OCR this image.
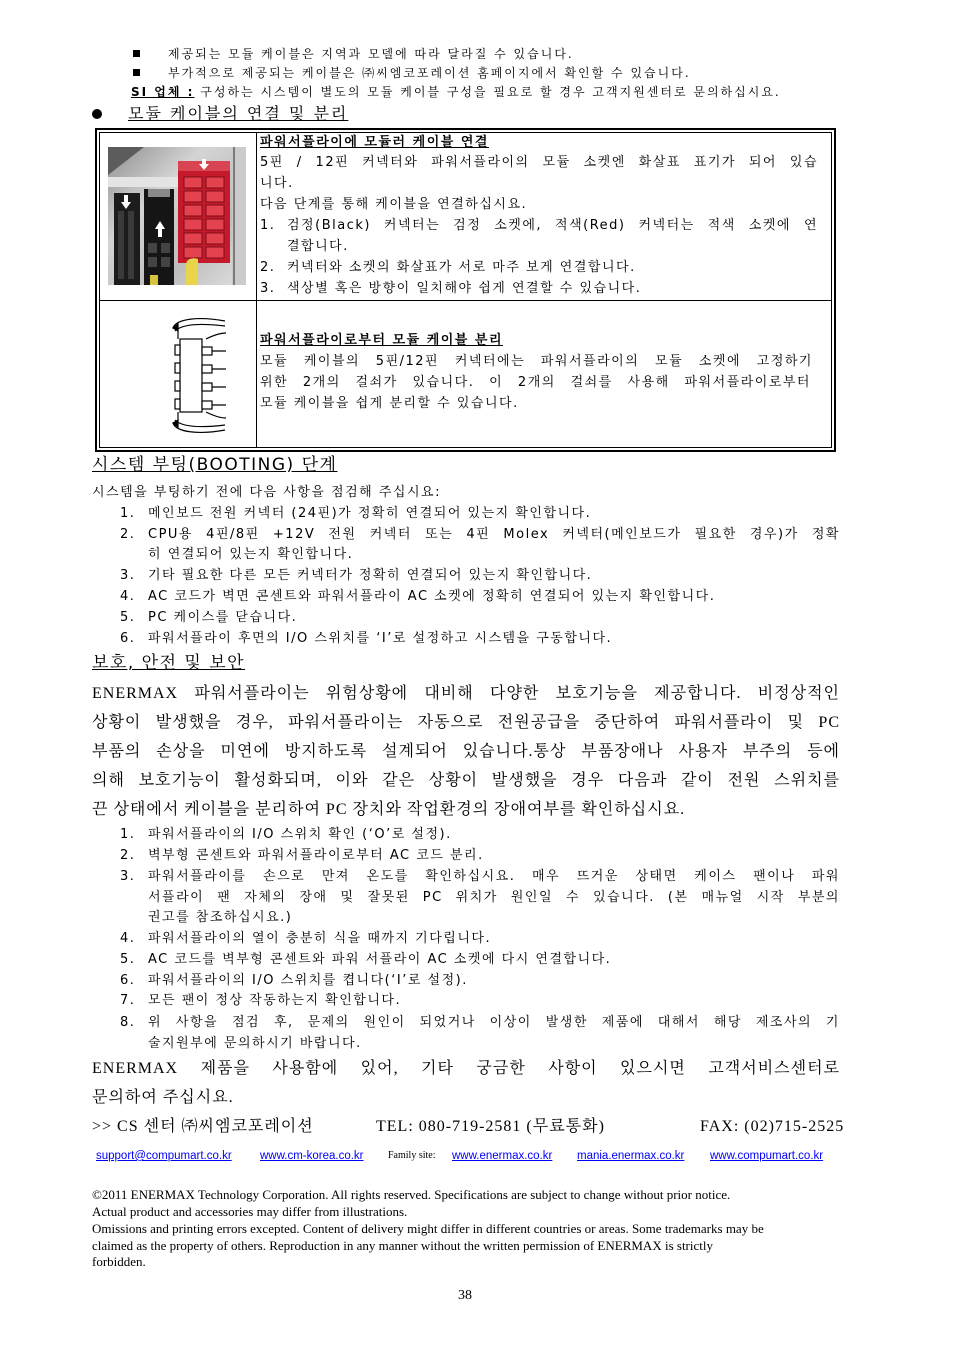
제공되는 모듈 케이블은 지역과 모델에 따라 달라질 수 있습니다.
부가적으로 제공되는 케이블은 ㈜씨엠코포레이션 홈페이지에서 확인할 수 있습니다.
SI 업체 : 구성하는 시스템이 별도의 모듈 케이블 구성을 필요로 할 경우 고객지원센터로 문의하십시요.
모듈 케이블의 연결 및 분리
파워서플라이에 모듈러 케이블 연결
5핀 / 12핀 커넥터와 파워서플라이의 모듈 소켓엔 화살표 표기가 되어 있습
니다.
다음 단계를 통해 케이블을 연결하십시요.
1. 검정(Black) 커넥터는 검정 소켓에, 적색(Red) 커넥터는 적색 소켓에 연
결합니다.
2. 커넥터와 소켓의 화살표가 서로 마주 보게 연결합니다.
3. 색상별 혹은 방향이 일치해야 쉽게 연결할 수 있습니다.
파워서플라이로부터 모듈 케이블 분리
모듈 케이블의 5핀/12핀 커넥터에는 파워서플라이의 모듈 소켓에 고정하기
위한 2개의 걸쇠가 있습니다. 이 2개의 걸쇠를 사용해 파워서플라이로부터
모듈 케이블을 쉽게 분리할 수 있습니다.
시스템 부팅(BOOTING) 단계
시스템을 부팅하기 전에 다음 사항을 점검해 주십시요:
1. 메인보드 전원 커넥터 (24핀)가 정확히 연결되어 있는지 확인합니다.
2. CPU용 4핀/8핀 +12V 전원 커넥터 또는 4핀 Molex 커넥터(메인보드가 필요한 경우)가 정확
히 연결되어 있는지 확인합니다.
3. 기타 필요한 다른 모든 커넥터가 정확히 연결되어 있는지 확인합니다.
4. AC 코드가 벽면 콘센트와 파워서플라이 AC 소켓에 정확히 연결되어 있는지 확인합니다.
5. PC 케이스를 닫습니다.
6. 파워서플라이 후면의 I/O 스위치를 ‘I’로 설정하고 시스템을 구동합니다.
보호, 안전 및 보안
ENERMAX 파워서플라이는 위험상황에 대비해 다양한 보호기능을 제공합니다. 비정상적인
상황이 발생했을 경우, 파워서플라이는 자동으로 전원공급을 중단하여 파워서플라이 및 PC
부품의 손상을 미연에 방지하도록 설계되어 있습니다.통상 부품장애나 사용자 부주의 등에
의해 보호기능이 활성화되며, 이와 같은 상황이 발생했을 경우 다음과 같이 전원 스위치를
끈 상태에서 케이블을 분리하여 PC 장치와 작업환경의 장애여부를 확인하십시요.
1. 파워서플라이의 I/O 스위치 확인 (‘O’로 설정).
2. 벽부형 콘센트와 파워서플라이로부터 AC 코드 분리.
3. 파워서플라이를 손으로 만져 온도를 확인하십시요. 매우 뜨거운 상태면 케이스 팬이나 파워
서플라이 팬 자체의 장애 및 잘못된 PC 위치가 원인일 수 있습니다. (본 매뉴얼 시작 부분의
권고를 참조하십시요.)
4. 파워서플라이의 열이 충분히 식을 때까지 기다립니다.
5. AC 코드를 벽부형 콘센트와 파워 서플라이 AC 소켓에 다시 연결합니다.
6. 파워서플라이의 I/O 스위치를 켭니다(‘I’로 설정).
7. 모든 팬이 정상 작동하는지 확인합니다.
8. 위 사항을 점검 후, 문제의 원인이 되었거나 이상이 발생한 제품에 대해서 해당 제조사의 기
술지원부에 문의하시기 바랍니다.
ENERMAX 제품을 사용함에 있어, 기타 궁금한 사항이 있으시면 고객서비스센터로
문의하여 주십시요.
>> CS 센터 ㈜씨엠코포레이션	TEL: 080-719-2581 (무료통화)	FAX: (02)715-2525
support@compumart.co.kr www.cm-korea.co.kr Family site: www.enermax.co.kr mania.enermax.co.kr www.compumart.co.kr
©2011 ENERMAX Technology Corporation. All rights reserved. Specifications are subject to change without prior notice.
Actual product and accessories may differ from illustrations.
Omissions and printing errors excepted. Content of delivery might differ in different countries or areas. Some trademarks may be
claimed as the property of others. Reproduction in any manner without the written permission of ENERMAX is strictly
forbidden.
38
